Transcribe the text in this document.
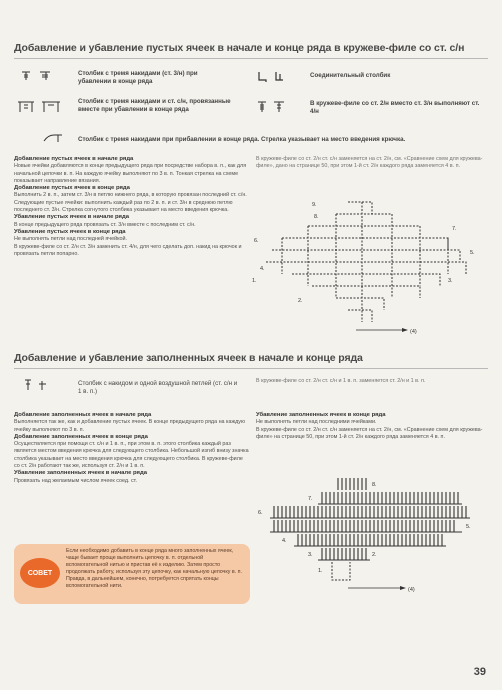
Добавление и убавление пустых ячеек в начале и конце ряда в кружеве-филе со ст. с/н
Столбик с тремя накидами (ст. 3/н) при убавлении в конце ряда
Соединительный столбик
Столбик с тремя накидами и ст. с/н, провязанные вместе при убавлении в конце ряда
В кружеве-филе со ст. 2/н вместо ст. 3/н выполняют ст. 4/н
Столбик с тремя накидами при прибавлении в конце ряда. Стрелка указывает на место введения крючка.

Добавление пустых ячеек в начале ряда

Новые ячейки добавляются в конце предыдущего ряда при посредстве набора в. п., как для начальной цепочки в. п. На каждую ячейку выполняют по 3 в. п. Тонкая стрелка на схеме показывает направление вязания.

Добавление пустых ячеек в конце ряда

Выполнить 2 в. п., затем ст. 3/н в петлю нижнего ряда, в которую провязан последний ст. с/н. Следующие пустые ячейки: выполнить каждый раз по 2 в. п. и ст. 3/н в среднюю петлю последнего ст. 3/н. Стрелка согнутого столбика указывает на место введения крючка.

Убавление пустых ячеек в начале ряда

В конце предыдущего ряда провязать ст. 3/н вместе с последним ст. с/н.

Убавление пустых ячеек в конце ряда

Не выполнять петли над последней ячейкой.

В кружеве-филе со ст. 2/н ст. 3/н заменить ст. 4/н, для чего сделать доп. накид на крючок и провязать петли попарно.

В кружеве-филе со ст. 2/н ст. с/н заменяется на ст. 2/н, см. «Сравнение схем для кружева-филе», дано на странице 50, при этом 1-й ст. 2/н каждого ряда заменяется 4 в. п.
9.
8.
7.
6.
5.
4.
3.
2.
1.
(4)
Добавление и убавление заполненных ячеек в начале и конце ряда
Столбик с накидом и одной воздушной петлей (ст. с/н и 1 в. п.)
В кружеве-филе со ст. 2/н ст. с/н и 1 в. п. заменяется ст. 2/н и 1 в. п.

Добавление заполненных ячеек в начале ряда

Выполняется так же, как и добавление пустых ячеек. В конце предыдущего ряда на каждую ячейку выполняют по 3 в. п.

Добавление заполненных ячеек в конце ряда

Осуществляется при помощи ст. с/н и 1 в. п., при этом в. п. этого столбика каждый раз является местом введения крючка для следующего столбика. Небольшой изгиб внизу значка столбика указывает на место введения крючка для следующего столбика. В кружеве-филе со ст. 2/н работают так же, используя ст. 2/н и 1 в. п.

Убавление заполненных ячеек в начале ряда

Провязать над желаемым числом ячеек соед. ст.

Убавление заполненных ячеек в конце ряда

Не выполнять петли над последними ячейками.

В кружеве-филе со ст. 2/н ст. с/н заменяется на ст. 2/н, см. «Сравнение схем для кружева-филе» на странице 50, при этом 1-й ст. 2/н каждого ряда заменяется 4 в. п.

8.
7.
6.
5.
4.
3.	2.
1.
(4)
СОВЕТ
Если необходимо добавить в конце ряда много заполненных ячеек, чаще бывает проще выполнить цепочку в. п. отдельной вспомогательной нитью и пристав её к изделию. Затем просто продолжать работу, используя эту цепочку, как начальную цепочку в. п. Правда, в дальнейшем, конечно, потребуется спрятать концы вспомогательной нити.
39
